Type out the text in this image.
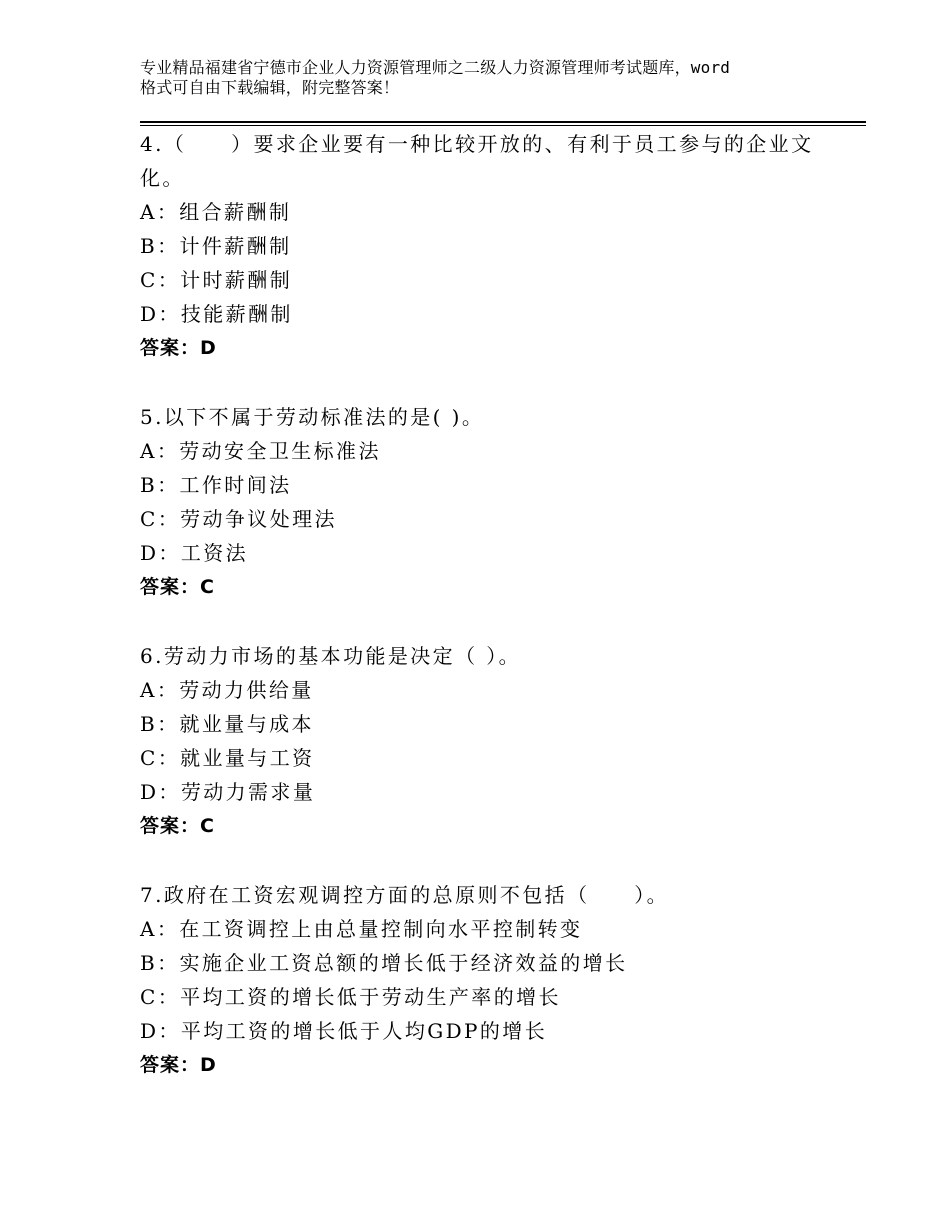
专业精品福建省宁德市企业人力资源管理师之二级人力资源管理师考试题库，word
格式可自由下载编辑，附完整答案！
4.（　　）要求企业要有一种比较开放的、有利于员工参与的企业文
化。
A：组合薪酬制
B：计件薪酬制
C：计时薪酬制
D：技能薪酬制
答案：D
5.以下不属于劳动标准法的是( )。
A：劳动安全卫生标准法
B：工作时间法
C：劳动争议处理法
D：工资法
答案：C
6.劳动力市场的基本功能是决定（ ）。
A：劳动力供给量
B：就业量与成本
C：就业量与工资
D：劳动力需求量
答案：C
7.政府在工资宏观调控方面的总原则不包括（　　）。
A：在工资调控上由总量控制向水平控制转变
B：实施企业工资总额的增长低于经济效益的增长
C：平均工资的增长低于劳动生产率的增长
D：平均工资的增长低于人均GDP的增长
答案：D
